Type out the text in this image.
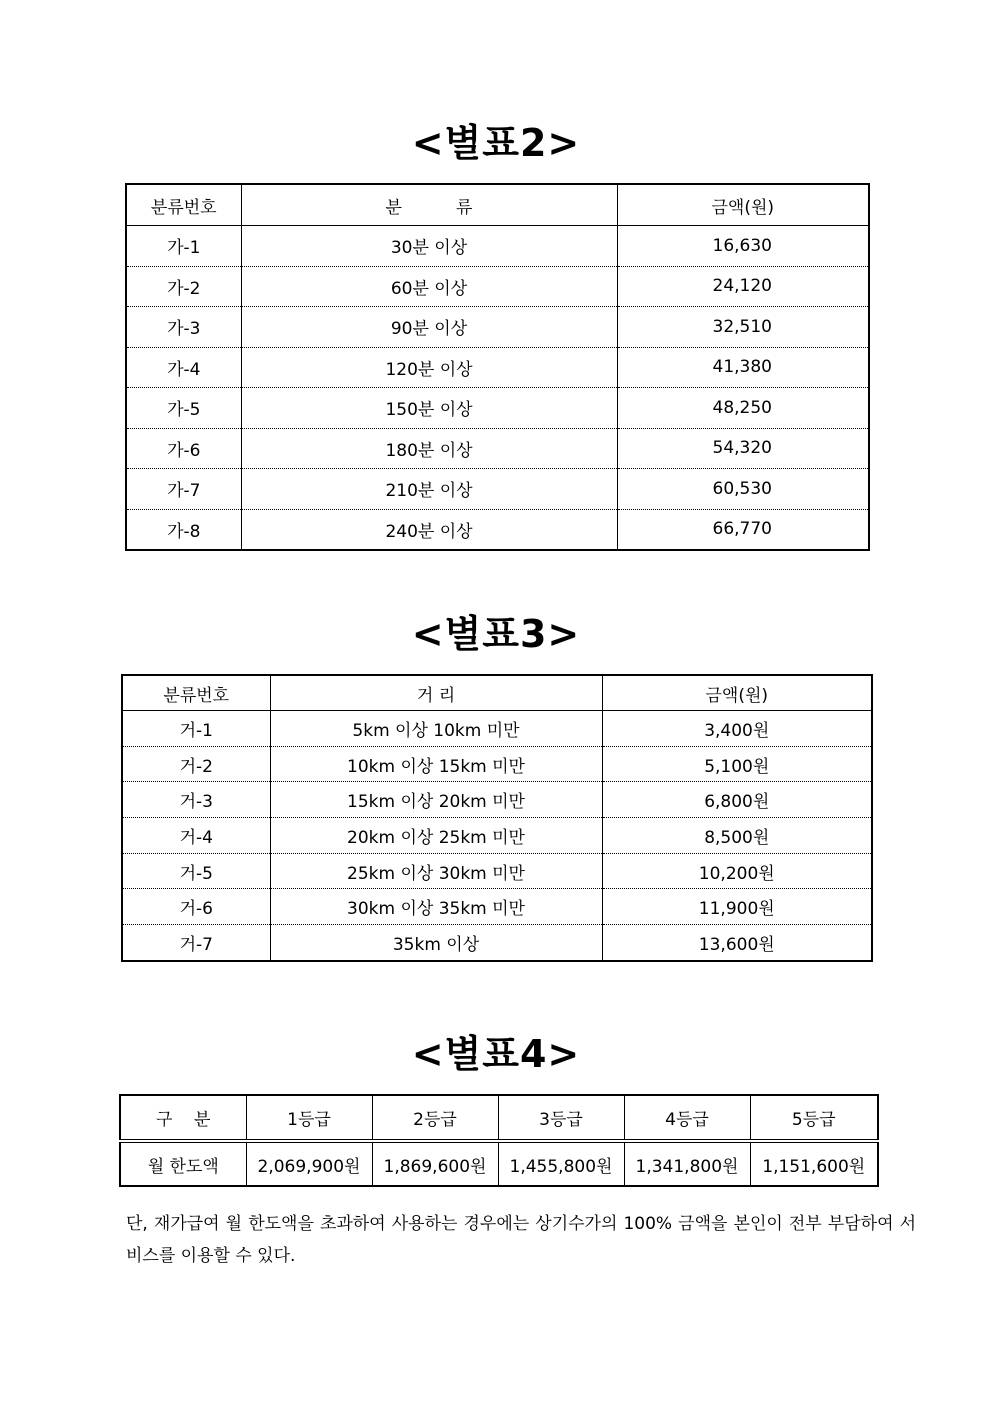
<별표2>
분류번호	분          류	금액(원)
가-1	30분 이상	16,630
가-2	60분 이상	24,120
가-3	90분 이상	32,510
가-4	120분 이상	41,380
가-5	150분 이상	48,250
가-6	180분 이상	54,320
가-7	210분 이상	60,530
가-8	240분 이상	66,770
<별표3>
분류번호	거 리	금액(원)
거-1	5km 이상 10km 미만	3,400원
거-2	10km 이상 15km 미만	5,100원
거-3	15km 이상 20km 미만	6,800원
거-4	20km 이상 25km 미만	8,500원
거-5	25km 이상 30km 미만	10,200원
거-6	30km 이상 35km 미만	11,900원
거-7	35km 이상	13,600원
<별표4>
구    분	1등급	2등급	3등급	4등급	5등급
월 한도액	2,069,900원	1,869,600원	1,455,800원	1,341,800원	1,151,600원

단, 재가급여 월 한도액을 초과하여 사용하는 경우에는 상기수가의 100% 금액을 본인이 전부 부담하여 서비스를 이용할 수 있다.
